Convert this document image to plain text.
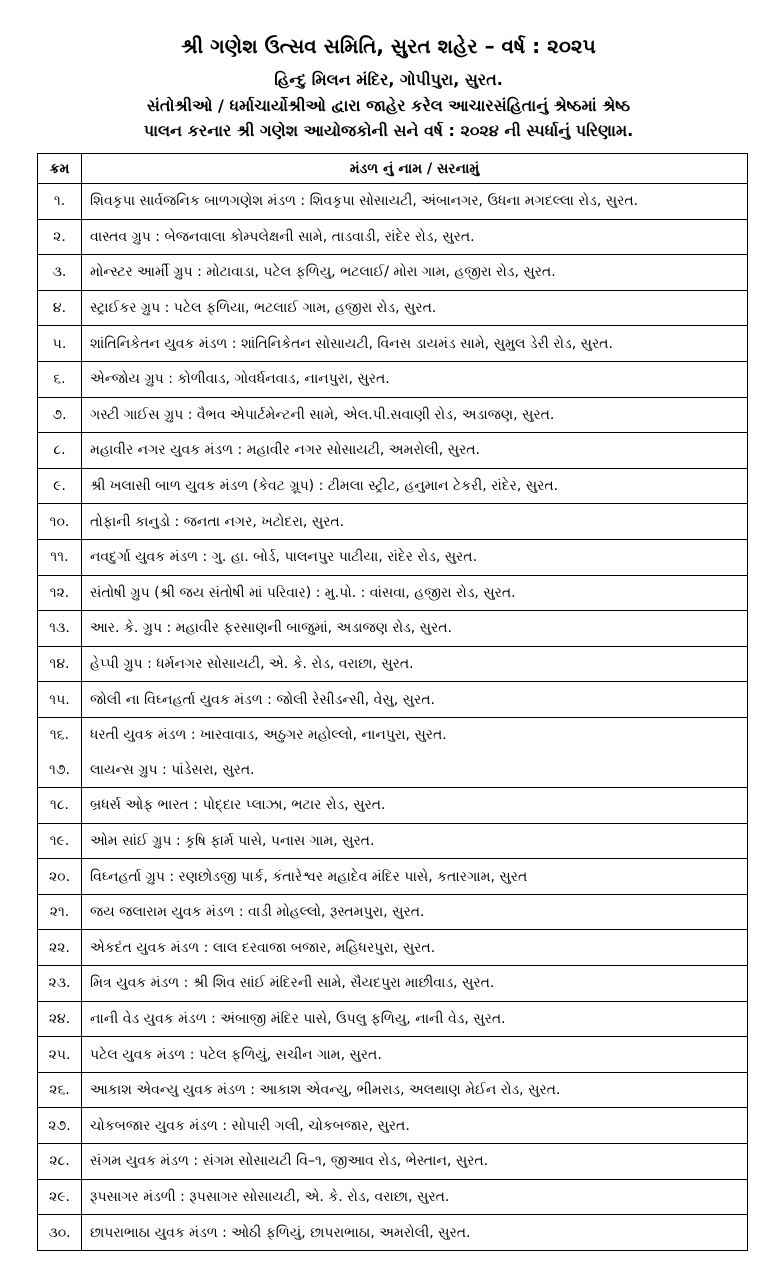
શ્રી ગણેશ ઉત્સવ સમિતિ, સુરત શહેર – વર્ષ : ૨૦૨૫
હિન્દુ મિલન મંદિર, ગોપીપુરા, સુરત.
સંતોશ્રીઓ / ધર્માચાર્યોશ્રીઓ દ્વારા જાહેર કરેલ આચારસંહિતાનું શ્રેષ્ઠમાં શ્રેષ્ઠ
પાલન કરનાર શ્રી ગણેશ આયોજકોની સને વર્ષ : ૨૦૨૪ ની સ્પર્ધાનું પરિણામ.
ક્રમ	મંડળ નું નામ / સરનામું
૧.	શિવકૃપા સાર્વજનિક બાળગણેશ મંડળ : શિવકૃપા સોસાયટી, અંબાનગર, ઉધના મગદલ્લા રોડ, સુરત.
૨.	વાસ્તવ ગ્રુપ : બેજનવાલા કોમ્પલેક્ષની સામે, તાડવાડી, રાંદેર રોડ, સુરત.
૩.	મોન્સ્ટર આર્મી ગ્રુપ : મોટાવાડા, પટેલ ફળિયુ, ભટલાઈ/ મોરા ગામ, હજીરા રોડ, સુરત.
૪.	સ્ટ્રાઈકર ગ્રુપ : પટેલ ફળિયા, ભટલાઈ ગામ, હજીરા રોડ, સુરત.
૫.	શાંતિનિકેતન યુવક મંડળ : શાંતિનિકેતન સોસાયટી, વિનસ ડાયમંડ સામે, સુમુલ ડેરી રોડ, સુરત.
૬.	એન્જોય ગ્રુપ : કોળીવાડ, ગોવર્ધનવાડ, નાનપુરા, સુરત.
૭.	ગસ્ટી ગાઈસ ગ્રુપ : વૈભવ એપાર્ટમેન્ટની સામે, એલ.પી.સવાણી રોડ, અડાજણ, સુરત.
૮.	મહાવીર નગર યુવક મંડળ : મહાવીર નગર સોસાયટી, અમરોલી, સુરત.
૯.	શ્રી ખલાસી બાળ યુવક મંડળ (કેવટ ગ્રૂપ) : ટીમલા સ્ટ્રીટ, હનુમાન ટેકરી, રાંદેર, સુરત.
૧૦.	તોફાની કાનુડો : જનતા નગર, ખટોદરા, સુરત.
૧૧.	નવદુર્ગા યુવક મંડળ : ગુ. હા. બોર્ડ, પાલનપુર પાટીયા, રાંદેર રોડ, સુરત.
૧૨.	સંતોષી ગ્રુપ (શ્રી જય સંતોષી માં પરિવાર) : મુ.પો. : વાંસવા, હજીરા રોડ, સુરત.
૧૩.	આર. કે. ગ્રુપ : મહાવીર ફરસાણની બાજુમાં, અડાજણ રોડ, સુરત.
૧૪.	હેપ્પી ગ્રુપ : ધર્મનગર સોસાયટી, એ. કે. રોડ, વરાછા, સુરત.
૧૫.	જોલી ના વિઘ્નહર્તા યુવક મંડળ : જોલી રેસીડન્સી, વેસુ, સુરત.
૧૬.	ધરતી યુવક મંડળ : ખારવાવાડ, અઠુગર મહોલ્લો, નાનપુરા, સુરત.
૧૭.	લાયન્સ ગ્રુપ : પાંડેસરા, સુરત.
૧૮.	બ્રધર્સ ઓફ ભારત : પોદ્દાર પ્લાઝા, ભટાર રોડ, સુરત.
૧૯.	ઓમ સાંઈ ગ્રુપ : કૃષિ ફાર્મ પાસે, પનાસ ગામ, સુરત.
૨૦.	વિઘ્નહર્તા ગ્રુપ : રણછોડજી પાર્ક, કંતારેશ્વર મહાદેવ મંદિર પાસે, કતારગામ, સુરત
૨૧.	જય જલારામ યુવક મંડળ : વાડી મોહલ્લો, રૂસ્તમપુરા, સુરત.
૨૨.	એકદંત યુવક મંડળ : લાલ દરવાજા બજાર, મહિધરપુરા, સુરત.
૨૩.	મિત્ર યુવક મંડળ : શ્રી શિવ સાંઈ મંદિરની સામે, સૈયદપુરા માછીવાડ, સુરત.
૨૪.	નાની વેડ યુવક મંડળ : અંબાજી મંદિર પાસે, ઉપલુ ફળિયુ, નાની વેડ, સુરત.
૨૫.	પટેલ યુવક મંડળ : પટેલ ફળિયું, સચીન ગામ, સુરત.
૨૬.	આકાશ એવન્યુ યુવક મંડળ : આકાશ એવન્યુ, ભીમરાડ, અલથાણ મેઈન રોડ, સુરત.
૨૭.	ચોકબજાર યુવક મંડળ : સોપારી ગલી, ચોકબજાર, સુરત.
૨૮.	સંગમ યુવક મંડળ : સંગમ સોસાયટી વિ–૧, જીઆવ રોડ, ભેસ્તાન, સુરત.
૨૯.	રૂપસાગર મંડળી : રૂપસાગર સોસાયટી, એ. કે. રોડ, વરાછા, સુરત.
૩૦.	છાપરાભાઠા યુવક મંડળ : ઓઠી ફળિયું, છાપરાભાઠા, અમરોલી, સુરત.
